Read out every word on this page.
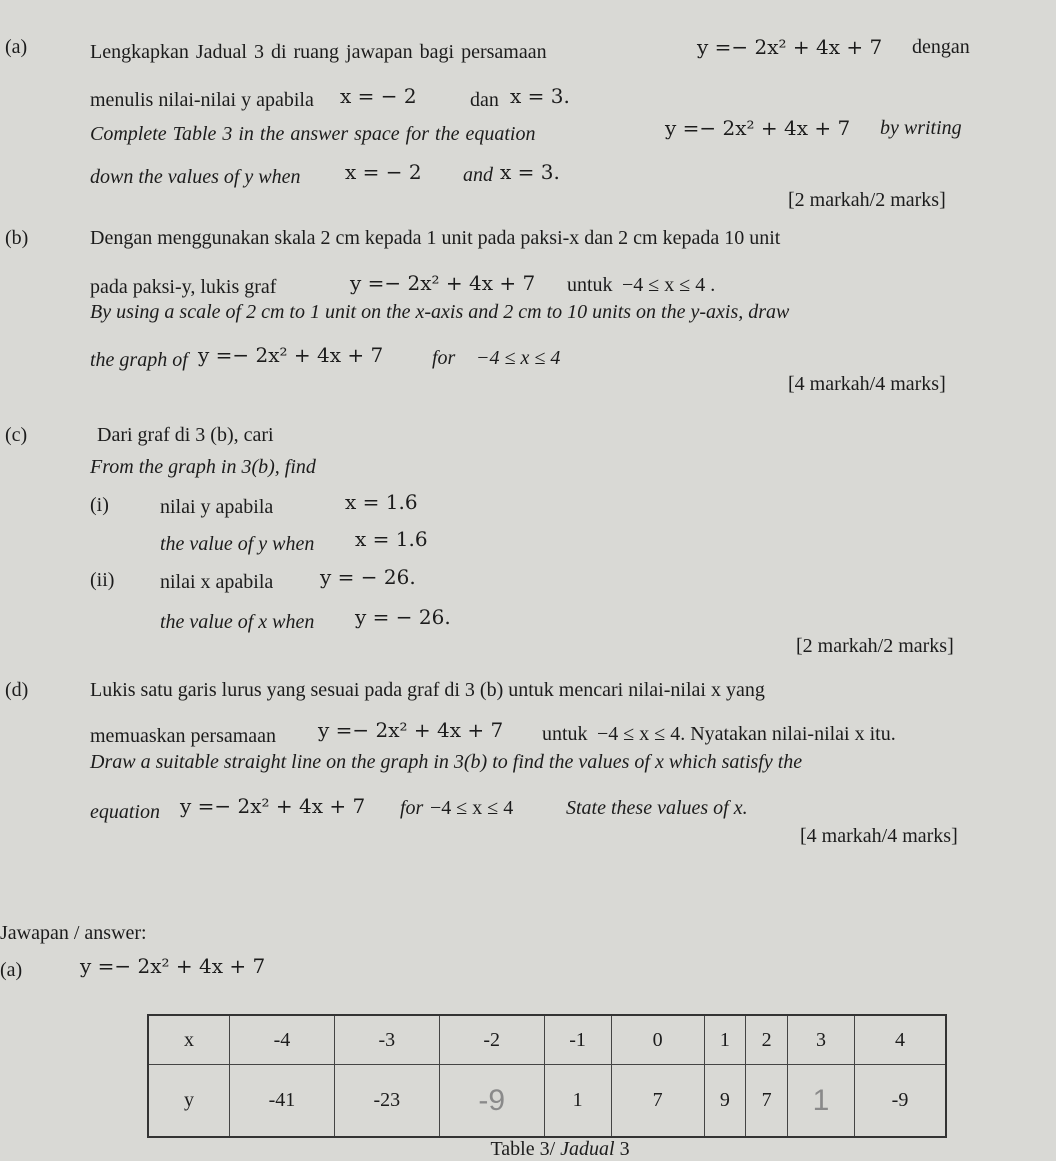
(a)	Lengkapkan Jadual 3 di ruang jawapan bagi persamaan	y =− 2x² + 4x + 7 dengan
menulis nilai-nilai y apabila x = − 2	dan x = 3.
Complete Table 3 in the answer space for the equation	y =− 2x² + 4x + 7 by writing
down the values of y when x = − 2 and x = 3.
[2 markah/2 marks]
(b)	Dengan menggunakan skala 2 cm kepada 1 unit pada paksi-x dan 2 cm kepada 10 unit
pada paksi-y, lukis graf	y =− 2x² + 4x + 7 untuk −4 ≤ x ≤ 4 .
By using a scale of 2 cm to 1 unit on the x-axis and 2 cm to 10 units on the y-axis, draw
the graph of y =− 2x² + 4x + 7 for −4 ≤ x ≤ 4
[4 markah/4 marks]
(c)	Dari graf di 3 (b), cari
From the graph in 3(b), find
(i)	nilai y apabila	x = 1.6
the value of y when x = 1.6
(ii) nilai x apabila y = − 26.
the value of x when y = − 26.
[2 markah/2 marks]
(d)	Lukis satu garis lurus yang sesuai pada graf di 3 (b) untuk mencari nilai-nilai x yang
memuaskan persamaan y =− 2x² + 4x + 7 untuk −4 ≤ x ≤ 4. Nyatakan nilai-nilai x itu.
Draw a suitable straight line on the graph in 3(b) to find the values of x which satisfy the
equation y =− 2x² + 4x + 7 for −4 ≤ x ≤ 4	State these values of x.
[4 markah/4 marks]
Jawapan / answer:
(a)	y =− 2x² + 4x + 7
x	-4	-3	-2	-1	0	1	2	3	4
y	-41	-23	-9	1	7	9	7	1	-9
Table 3/ Jadual 3
